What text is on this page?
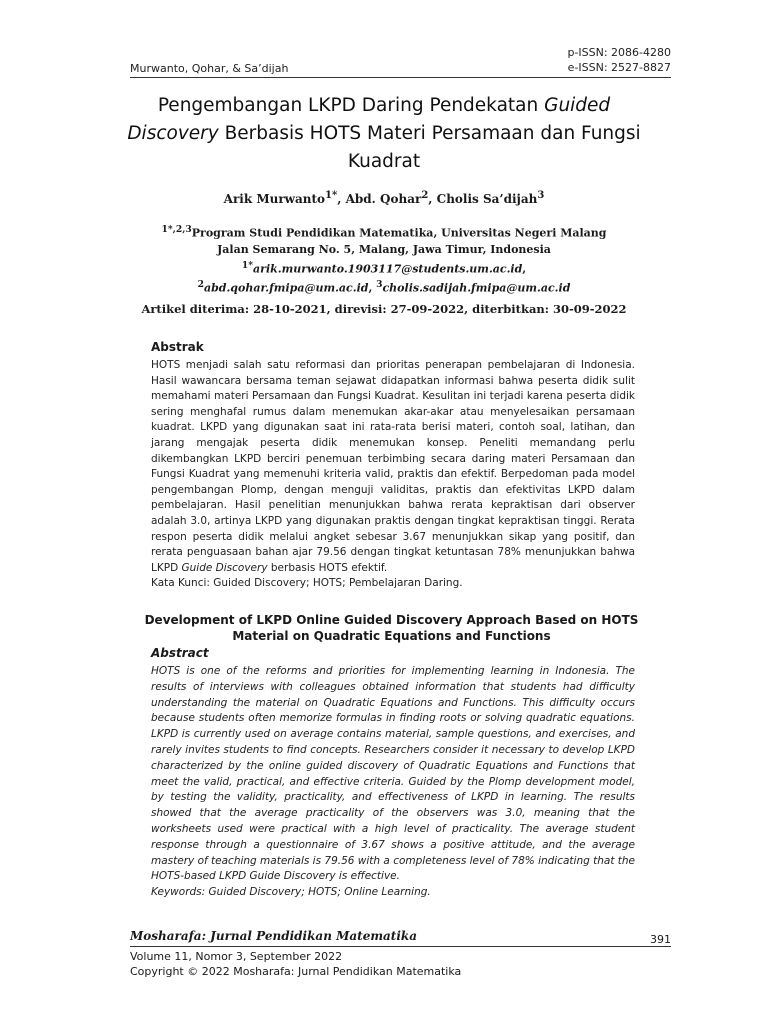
Murwanto, Qohar, & Sa’dijah
p-ISSN: 2086-4280
e-ISSN: 2527-8827
Pengembangan LKPD Daring Pendekatan Guided Discovery Berbasis HOTS Materi Persamaan dan Fungsi Kuadrat
Arik Murwanto$^{1*}$, Abd. Qohar$^2$, Cholis Sa’dijah$^3$
$^{1*,2,3}$Program Studi Pendidikan Matematika, Universitas Negeri Malang
Jalan Semarang No. 5, Malang, Jawa Timur, Indonesia
$^{1*}$arik.murwanto.1903117@students.um.ac.id,
$^2$abd.qohar.fmipa@um.ac.id, $^3$cholis.sadijah.fmipa@um.ac.id
Artikel diterima: 28-10-2021, direvisi: 27-09-2022, diterbitkan: 30-09-2022
Abstrak
HOTS menjadi salah satu reformasi dan prioritas penerapan pembelajaran di Indonesia. Hasil wawancara bersama teman sejawat didapatkan informasi bahwa peserta didik sulit memahami materi Persamaan dan Fungsi Kuadrat. Kesulitan ini terjadi karena peserta didik sering menghafal rumus dalam menemukan akar-akar atau menyelesaikan persamaan kuadrat. LKPD yang digunakan saat ini rata-rata berisi materi, contoh soal, latihan, dan jarang mengajak peserta didik menemukan konsep. Peneliti memandang perlu dikembangkan LKPD berciri penemuan terbimbing secara daring materi Persamaan dan Fungsi Kuadrat yang memenuhi kriteria valid, praktis dan efektif. Berpedoman pada model pengembangan Plomp, dengan menguji validitas, praktis dan efektivitas LKPD dalam pembelajaran. Hasil penelitian menunjukkan bahwa rerata kepraktisan dari observer adalah 3.0, artinya LKPD yang digunakan praktis dengan tingkat kepraktisan tinggi. Rerata respon peserta didik melalui angket sebesar 3.67 menunjukkan sikap yang positif, dan rerata penguasaan bahan ajar 79.56 dengan tingkat ketuntasan 78% menunjukkan bahwa LKPD Guide Discovery berbasis HOTS efektif.
Kata Kunci: Guided Discovery; HOTS; Pembelajaran Daring.
Development of LKPD Online Guided Discovery Approach Based on HOTS Material on Quadratic Equations and Functions
Abstract
HOTS is one of the reforms and priorities for implementing learning in Indonesia. The results of interviews with colleagues obtained information that students had difficulty understanding the material on Quadratic Equations and Functions. This difficulty occurs because students often memorize formulas in finding roots or solving quadratic equations. LKPD is currently used on average contains material, sample questions, and exercises, and rarely invites students to find concepts. Researchers consider it necessary to develop LKPD characterized by the online guided discovery of Quadratic Equations and Functions that meet the valid, practical, and effective criteria. Guided by the Plomp development model, by testing the validity, practicality, and effectiveness of LKPD in learning. The results showed that the average practicality of the observers was 3.0, meaning that the worksheets used were practical with a high level of practicality. The average student response through a questionnaire of 3.67 shows a positive attitude, and the average mastery of teaching materials is 79.56 with a completeness level of 78% indicating that the HOTS-based LKPD Guide Discovery is effective.
Keywords: Guided Discovery; HOTS; Online Learning.
Mosharafa: Jurnal Pendidikan Matematika	391
Volume 11, Nomor 3, September 2022
Copyright © 2022 Mosharafa: Jurnal Pendidikan Matematika
